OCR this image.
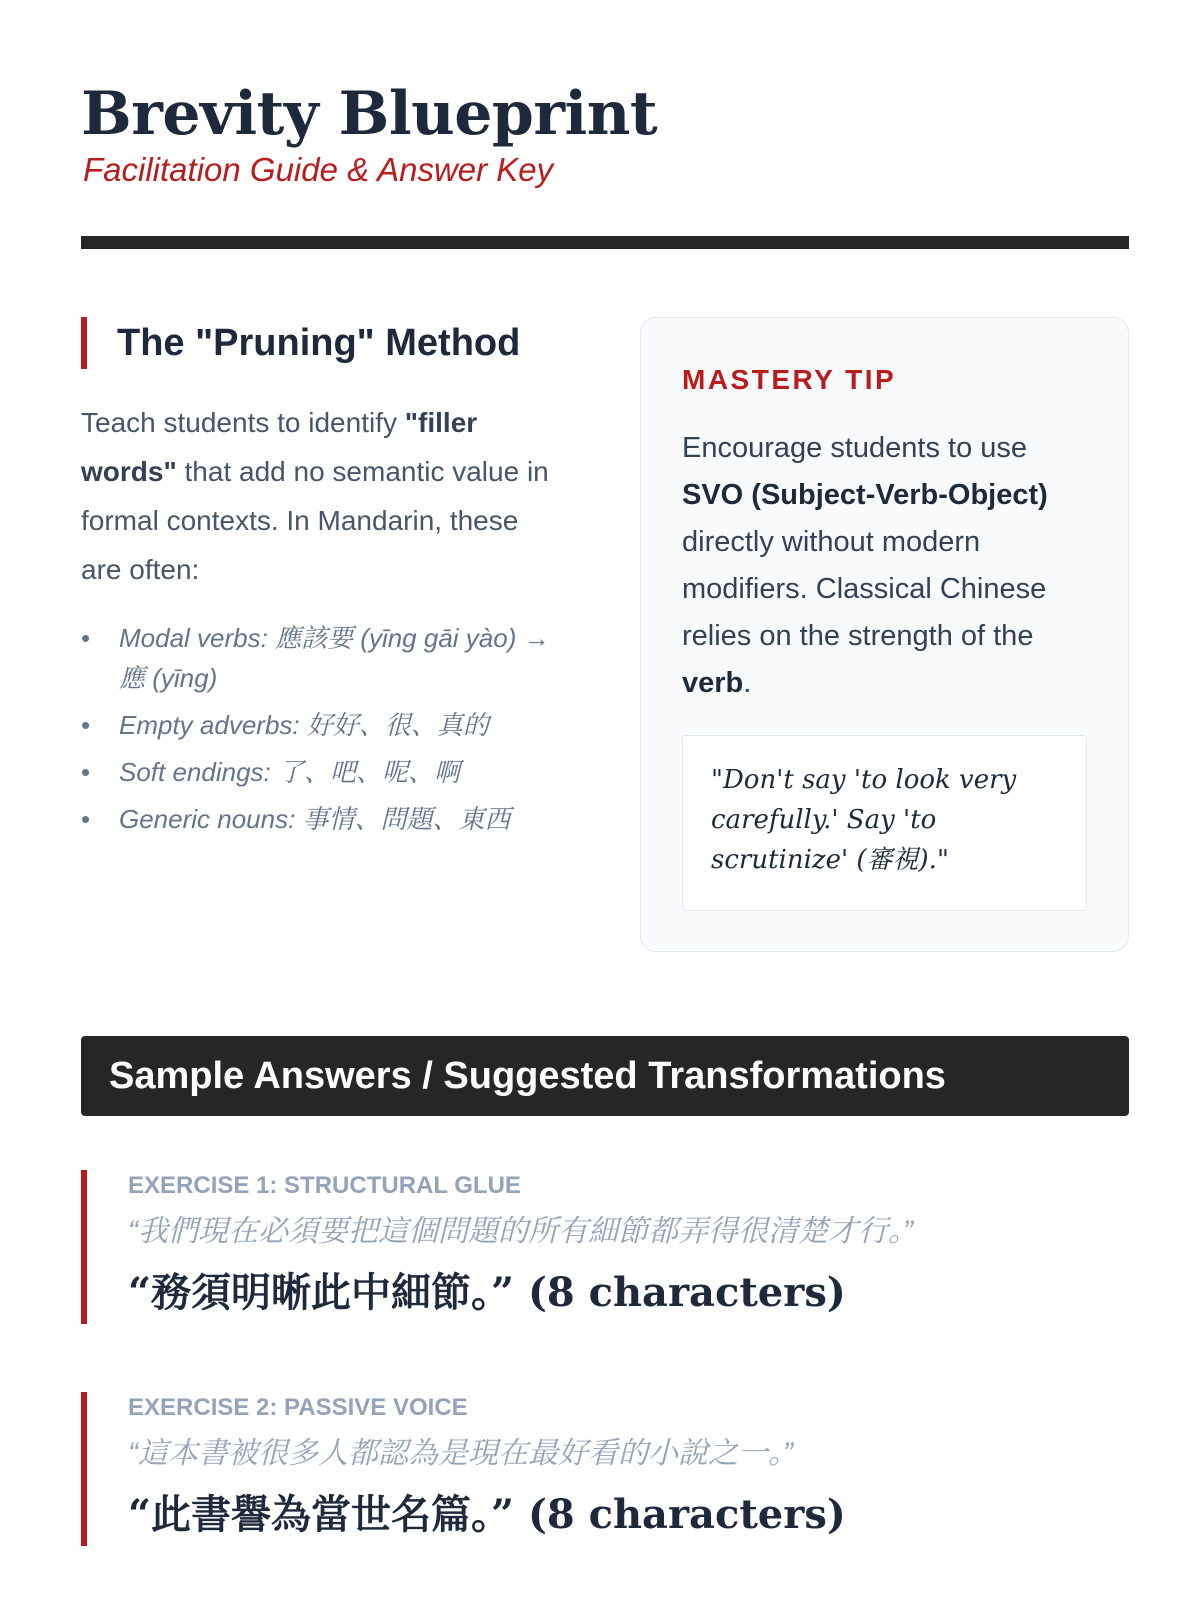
Brevity Blueprint
Facilitation Guide & Answer Key
The "Pruning" Method
Teach students to identify "filler words" that add no semantic value in formal contexts. In Mandarin, these are often:
• Modal verbs: 應該要 (yīng gāi yào) → 應 (yīng)
• Empty adverbs: 好好、很、真的
• Soft endings: 了、吧、呢、啊
• Generic nouns: 事情、問題、東西
MASTERY TIP
Encourage students to use SVO (Subject-Verb-Object) directly without modern modifiers. Classical Chinese relies on the strength of the verb.
"Don't say 'to look very carefully.' Say 'to scrutinize' (審視)."
Sample Answers / Suggested Transformations
EXERCISE 1: STRUCTURAL GLUE
“我們現在必須要把這個問題的所有細節都弄得很清楚才行。”
“務須明晰此中細節。” (8 characters)
EXERCISE 2: PASSIVE VOICE
“這本書被很多人都認為是現在最好看的小說之一。”
“此書譽為當世名篇。” (8 characters)
